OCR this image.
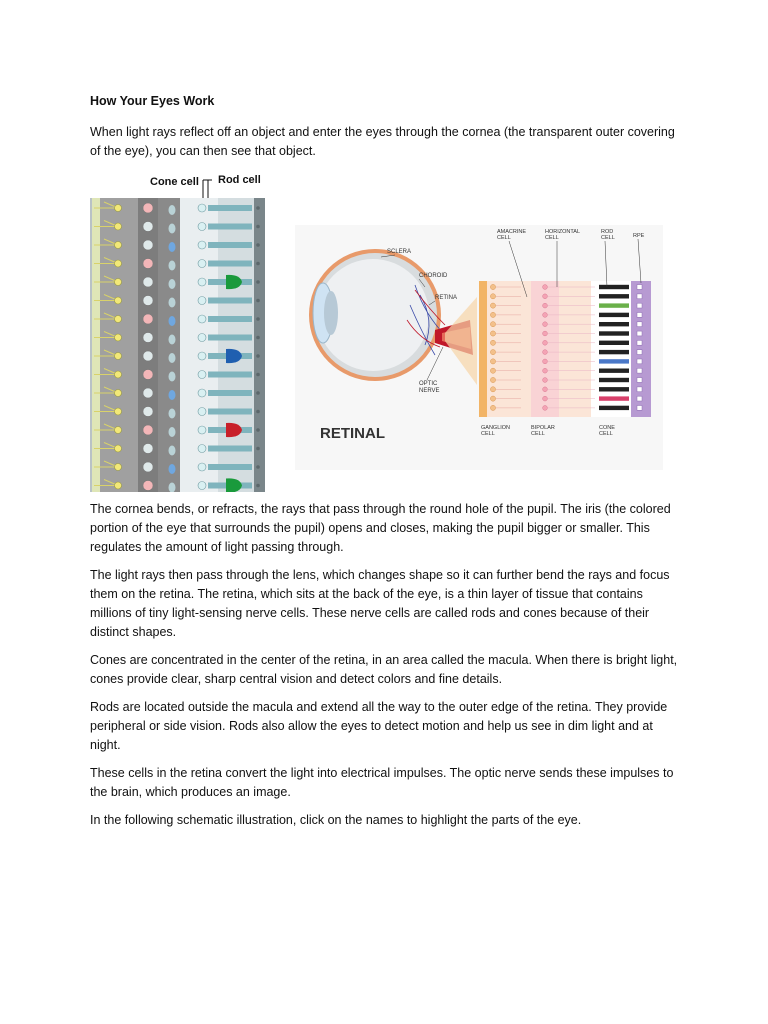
How Your Eyes Work

When light rays reflect off an object and enter the eyes through the cornea (the transparent outer covering of the eye), you can then see that object.

Cone cell Rod cell
SCLERA
CHOROID
RETINA
OPTIC
NERVE
RETINAL
AMACRINE
CELL
HORIZONTAL
CELL
ROD
CELL	RPE
GANGLION
CELL
BIPOLAR
CELL
CONE
CELL

The cornea bends, or refracts, the rays that pass through the round hole of the pupil. The iris (the colored portion of the eye that surrounds the pupil) opens and closes, making the pupil bigger or smaller. This regulates the amount of light passing through.

The light rays then pass through the lens, which changes shape so it can further bend the rays and focus them on the retina. The retina, which sits at the back of the eye, is a thin layer of tissue that contains millions of tiny light-sensing nerve cells. These nerve cells are called rods and cones because of their distinct shapes.

Cones are concentrated in the center of the retina, in an area called the macula. When there is bright light, cones provide clear, sharp central vision and detect colors and fine details.

Rods are located outside the macula and extend all the way to the outer edge of the retina. They provide peripheral or side vision. Rods also allow the eyes to detect motion and help us see in dim light and at night.

These cells in the retina convert the light into electrical impulses. The optic nerve sends these impulses to the brain, which produces an image.

In the following schematic illustration, click on the names to highlight the parts of the eye.
